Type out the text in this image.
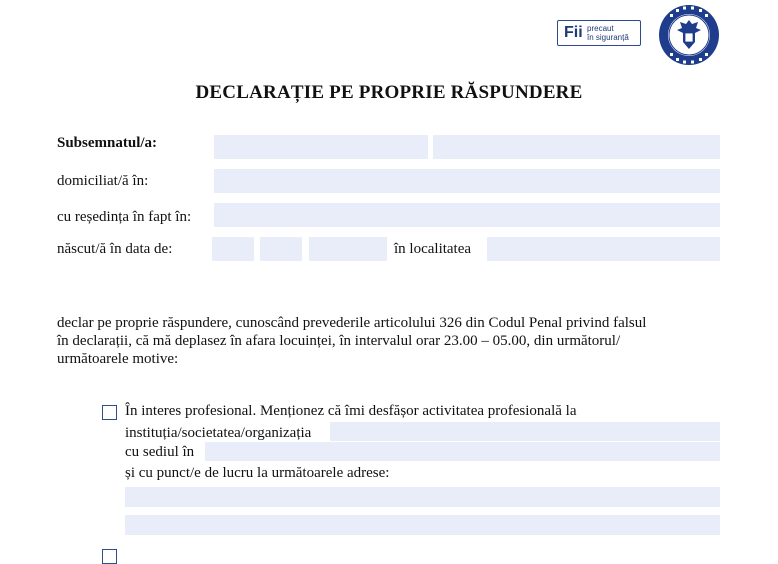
Fii precaut
în siguranță
DECLARAȚIE PE PROPRIE RĂSPUNDERE
Subsemnatul/a:
domiciliat/ă în:
cu reședința în fapt în:
născut/ă în data de:	în localitatea
declar pe proprie răspundere, cunoscând prevederile articolului 326 din Codul Penal privind falsul
în declarații, că mă deplasez în afara locuinței, în intervalul orar 23.00 – 05.00, din următorul/
următoarele motive:
În interes profesional. Menționez că îmi desfășor activitatea profesională la
instituția/societatea/organizația
cu sediul în
și cu punct/e de lucru la următoarele adrese:
